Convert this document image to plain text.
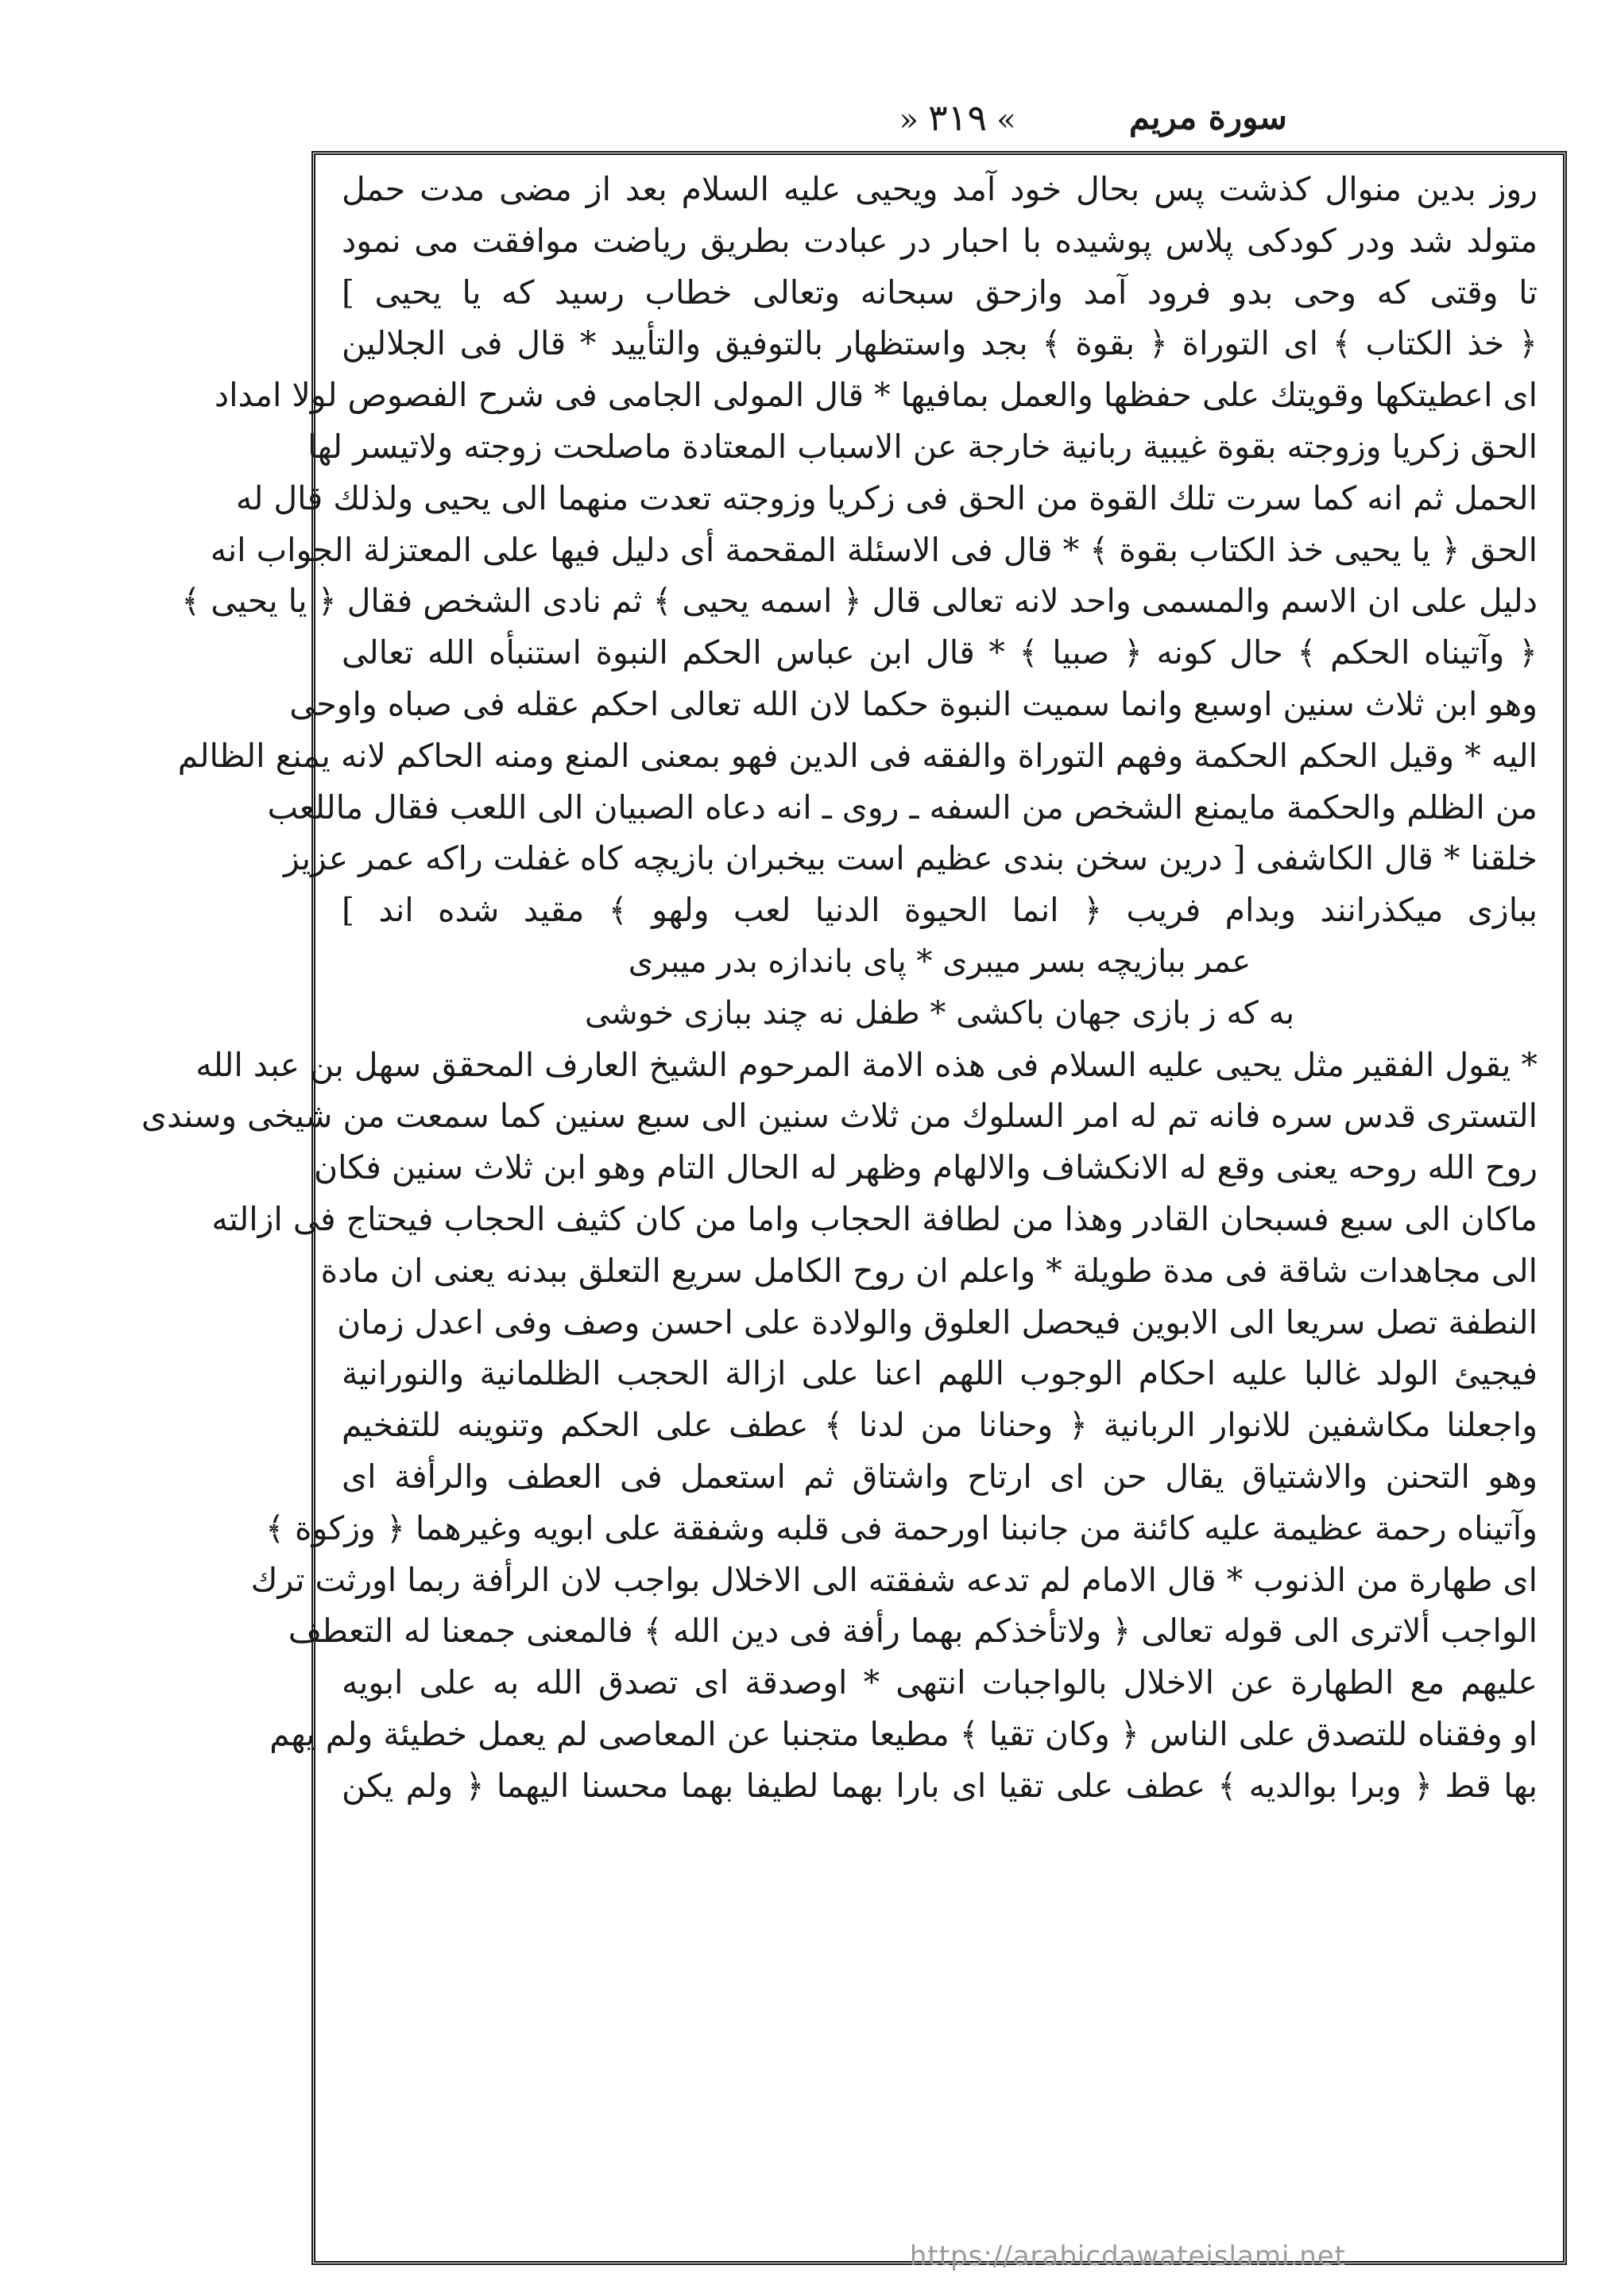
» ٣١٩ «	سورة مريم
روز بدين منوال كذشت پس بحال خود آمد ويحيى عليه السلام بعد از مضى مدت حمل
متولد شد ودر كودكى پلاس پوشيده با احبار در عبادت بطريق رياضت موافقت مى نمود
تا وقتى كه وحى بدو فرود آمد وازحق سبحانه وتعالى خطاب رسيد كه يا يحيى ]
﴿ خذ الكتاب ﴾ اى التوراة ﴿ بقوة ﴾ بجد واستظهار بالتوفيق والتأييد * قال فى الجلالين
اى اعطيتكها وقويتك على حفظها والعمل بمافيها * قال المولى الجامى فى شرح الفصوص لولا امداد
الحق زكريا وزوجته بقوة غيبية ربانية خارجة عن الاسباب المعتادة ماصلحت زوجته ولاتيسر لها
الحمل ثم انه كما سرت تلك القوة من الحق فى زكريا وزوجته تعدت منهما الى يحيى ولذلك قال له
الحق ﴿ يا يحيى خذ الكتاب بقوة ﴾ * قال فى الاسئلة المقحمة أى دليل فيها على المعتزلة الجواب انه
دليل على ان الاسم والمسمى واحد لانه تعالى قال ﴿ اسمه يحيى ﴾ ثم نادى الشخص فقال ﴿ يا يحيى ﴾
﴿ وآتيناه الحكم ﴾ حال كونه ﴿ صبيا ﴾ * قال ابن عباس الحكم النبوة استنبأه الله تعالى
وهو ابن ثلاث سنين اوسبع وانما سميت النبوة حكما لان الله تعالى احكم عقله فى صباه واوحى
اليه * وقيل الحكم الحكمة وفهم التوراة والفقه فى الدين فهو بمعنى المنع ومنه الحاكم لانه يمنع الظالم
من الظلم والحكمة مايمنع الشخص من السفه ـ روى ـ انه دعاه الصبيان الى اللعب فقال ماللعب
خلقنا * قال الكاشفى [ درين سخن بندى عظيم است بيخبران بازيچه كاه غفلت راكه عمر عزيز
ببازى ميكذرانند وبدام فريب ﴿ انما الحيوة الدنيا لعب ولهو ﴾ مقيد شده اند ]
عمر ببازيچه بسر ميبرى * پاى باندازه بدر ميبرى
به كه ز بازى جهان باكشى * طفل نه چند ببازى خوشى
* يقول الفقير مثل يحيى عليه السلام فى هذه الامة المرحوم الشيخ العارف المحقق سهل بن عبد الله
التسترى قدس سره فانه تم له امر السلوك من ثلاث سنين الى سبع سنين كما سمعت من شيخى وسندى
روح الله روحه يعنى وقع له الانكشاف والالهام وظهر له الحال التام وهو ابن ثلاث سنين فكان
ماكان الى سبع فسبحان القادر وهذا من لطافة الحجاب واما من كان كثيف الحجاب فيحتاج فى ازالته
الى مجاهدات شاقة فى مدة طويلة * واعلم ان روح الكامل سريع التعلق ببدنه يعنى ان مادة
النطفة تصل سريعا الى الابوين فيحصل العلوق والولادة على احسن وصف وفى اعدل زمان
فيجيئ الولد غالبا عليه احكام الوجوب اللهم اعنا على ازالة الحجب الظلمانية والنورانية
واجعلنا مكاشفين للانوار الربانية ﴿ وحنانا من لدنا ﴾ عطف على الحكم وتنوينه للتفخيم
وهو التحنن والاشتياق يقال حن اى ارتاح واشتاق ثم استعمل فى العطف والرأفة اى
وآتيناه رحمة عظيمة عليه كائنة من جانبنا اورحمة فى قلبه وشفقة على ابويه وغيرهما ﴿ وزكوة ﴾
اى طهارة من الذنوب * قال الامام لم تدعه شفقته الى الاخلال بواجب لان الرأفة ربما اورثت ترك
الواجب ألاترى الى قوله تعالى ﴿ ولاتأخذكم بهما رأفة فى دين الله ﴾ فالمعنى جمعنا له التعطف
عليهم مع الطهارة عن الاخلال بالواجبات انتهى * اوصدقة اى تصدق الله به على ابويه
او وفقناه للتصدق على الناس ﴿ وكان تقيا ﴾ مطيعا متجنبا عن المعاصى لم يعمل خطيئة ولم يهم
بها قط ﴿ وبرا بوالديه ﴾ عطف على تقيا اى بارا بهما لطيفا بهما محسنا اليهما ﴿ ولم يكن
https://arabicdawateislami.net
